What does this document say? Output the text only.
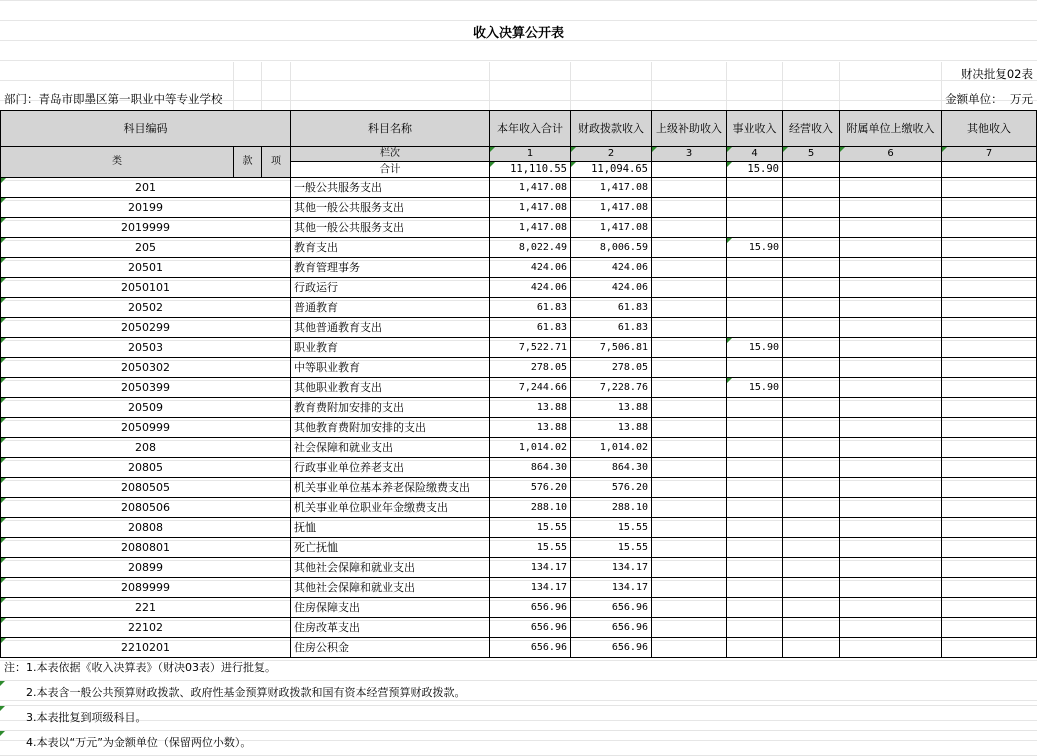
收入决算公开表
财决批复02表
部门：青岛市即墨区第一职业中等专业学校	金额单位： 万元
科目编码			科目名称	本年收入合计	财政拨款收入	上级补助收入	事业收入	经营收入	附属单位上缴收入	其他收入
类	款	项	栏次	1	2	3	4	5	6	7
			合计	11,110.55	11,094.65		15.90			
201			一般公共服务支出	1,417.08	1,417.08					
20199			其他一般公共服务支出	1,417.08	1,417.08					
2019999			其他一般公共服务支出	1,417.08	1,417.08					
205			教育支出	8,022.49	8,006.59		15.90			
20501			教育管理事务	424.06	424.06					
2050101			行政运行	424.06	424.06					
20502			普通教育	61.83	61.83					
2050299			其他普通教育支出	61.83	61.83					
20503			职业教育	7,522.71	7,506.81		15.90			
2050302			中等职业教育	278.05	278.05					
2050399			其他职业教育支出	7,244.66	7,228.76		15.90			
20509			教育费附加安排的支出	13.88	13.88					
2050999			其他教育费附加安排的支出	13.88	13.88					
208			社会保障和就业支出	1,014.02	1,014.02					
20805			行政事业单位养老支出	864.30	864.30					
2080505			机关事业单位基本养老保险缴费支出	576.20	576.20					
2080506			机关事业单位职业年金缴费支出	288.10	288.10					
20808			抚恤	15.55	15.55					
2080801			死亡抚恤	15.55	15.55					
20899			其他社会保障和就业支出	134.17	134.17					
2089999			其他社会保障和就业支出	134.17	134.17					
221			住房保障支出	656.96	656.96					
22102			住房改革支出	656.96	656.96					
2210201			住房公积金	656.96	656.96					
注：1.本表依据《收入决算表》（财决03表）进行批复。
2.本表含一般公共预算财政拨款、政府性基金预算财政拨款和国有资本经营预算财政拨款。
3.本表批复到项级科目。
4.本表以“万元”为金额单位（保留两位小数）。
